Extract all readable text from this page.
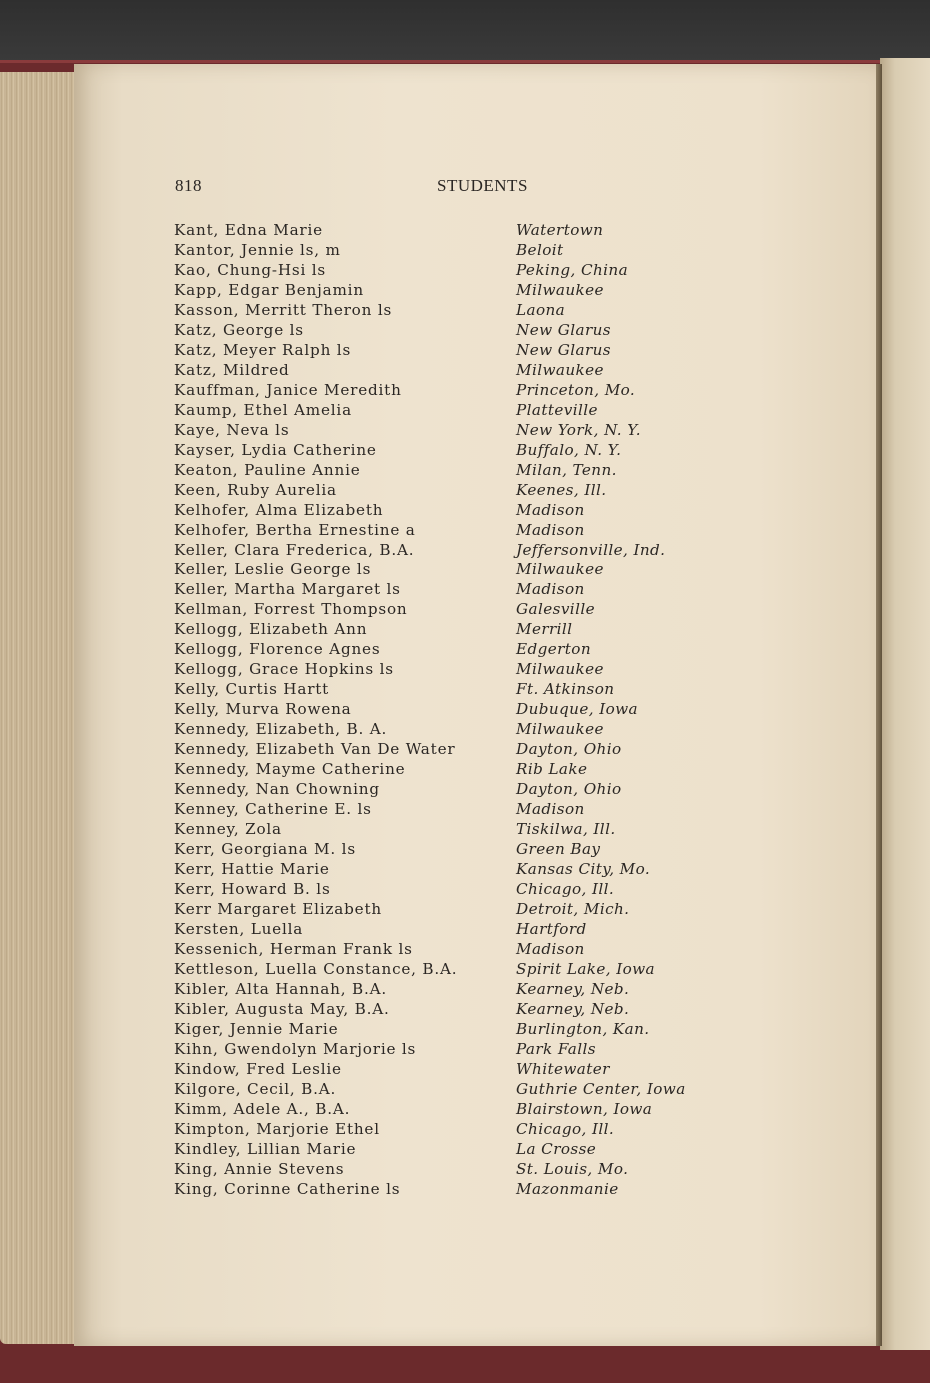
818	STUDENTS
Kant, Edna Marie	Watertown
Kantor, Jennie ls, m	Beloit
Kao, Chung-Hsi ls	Peking, China
Kapp, Edgar Benjamin	Milwaukee
Kasson, Merritt Theron ls	Laona
Katz, George ls	New Glarus
Katz, Meyer Ralph ls	New Glarus
Katz, Mildred	Milwaukee
Kauffman, Janice Meredith	Princeton, Mo.
Kaump, Ethel Amelia	Platteville
Kaye, Neva ls	New York, N. Y.
Kayser, Lydia Catherine	Buffalo, N. Y.
Keaton, Pauline Annie	Milan, Tenn.
Keen, Ruby Aurelia	Keenes, Ill.
Kelhofer, Alma Elizabeth	Madison
Kelhofer, Bertha Ernestine a	Madison
Keller, Clara Frederica, B.A.	Jeffersonville, Ind.
Keller, Leslie George ls	Milwaukee
Keller, Martha Margaret ls	Madison
Kellman, Forrest Thompson	Galesville
Kellogg, Elizabeth Ann	Merrill
Kellogg, Florence Agnes	Edgerton
Kellogg, Grace Hopkins ls	Milwaukee
Kelly, Curtis Hartt	Ft. Atkinson
Kelly, Murva Rowena	Dubuque, Iowa
Kennedy, Elizabeth, B. A.	Milwaukee
Kennedy, Elizabeth Van De Water	Dayton, Ohio
Kennedy, Mayme Catherine	Rib Lake
Kennedy, Nan Chowning	Dayton, Ohio
Kenney, Catherine E. ls	Madison
Kenney, Zola	Tiskilwa, Ill.
Kerr, Georgiana M. ls	Green Bay
Kerr, Hattie Marie	Kansas City, Mo.
Kerr, Howard B. ls	Chicago, Ill.
Kerr Margaret Elizabeth	Detroit, Mich.
Kersten, Luella	Hartford
Kessenich, Herman Frank ls	Madison
Kettleson, Luella Constance, B.A.	Spirit Lake, Iowa
Kibler, Alta Hannah, B.A.	Kearney, Neb.
Kibler, Augusta May, B.A.	Kearney, Neb.
Kiger, Jennie Marie	Burlington, Kan.
Kihn, Gwendolyn Marjorie ls	Park Falls
Kindow, Fred Leslie	Whitewater
Kilgore, Cecil, B.A.	Guthrie Center, Iowa
Kimm, Adele A., B.A.	Blairstown, Iowa
Kimpton, Marjorie Ethel	Chicago, Ill.
Kindley, Lillian Marie	La Crosse
King, Annie Stevens	St. Louis, Mo.
King, Corinne Catherine ls	Mazonmanie
